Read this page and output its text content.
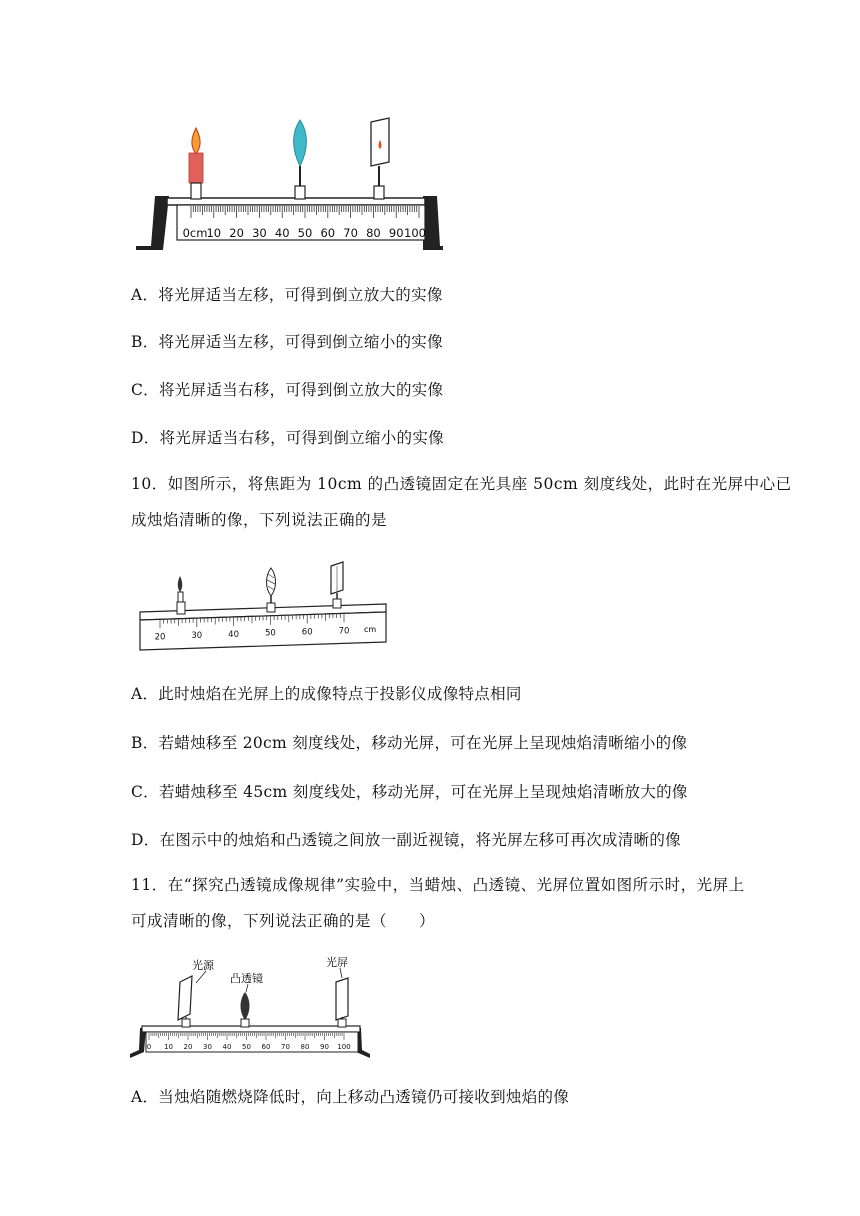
0cm 10 20 30 40 50 60 70 80 90 100
A．将光屏适当左移，可得到倒立放大的实像
B．将光屏适当左移，可得到倒立缩小的实像
C．将光屏适当右移，可得到倒立放大的实像
D．将光屏适当右移，可得到倒立缩小的实像
10．如图所示，将焦距为 10cm 的凸透镜固定在光具座 50cm 刻度线处，此时在光屏中心已
成烛焰清晰的像，下列说法正确的是
20	30	40	50	60	70 cm
A．此时烛焰在光屏上的成像特点于投影仪成像特点相同
B．若蜡烛移至 20cm 刻度线处，移动光屏，可在光屏上呈现烛焰清晰缩小的像
C．若蜡烛移至 45cm 刻度线处，移动光屏，可在光屏上呈现烛焰清晰放大的像
D．在图示中的烛焰和凸透镜之间放一副近视镜，将光屏左移可再次成清晰的像
11．在“探究凸透镜成像规律”实验中，当蜡烛、凸透镜、光屏位置如图所示时，光屏上
可成清晰的像，下列说法正确的是（　　）
光源
凸透镜
光屏
0 10 20 30 40 50 60 70 80 90 100
A．当烛焰随燃烧降低时，向上移动凸透镜仍可接收到烛焰的像
